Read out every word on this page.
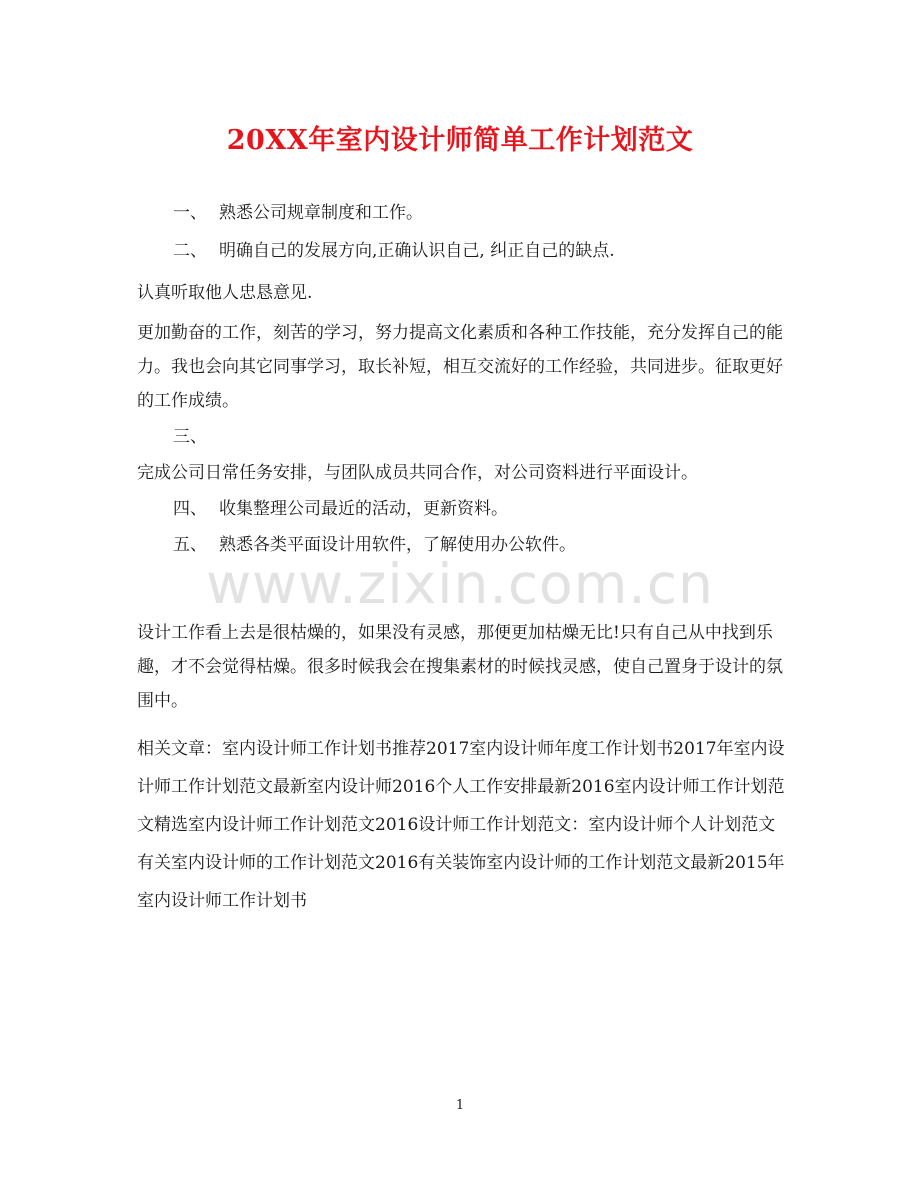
20XX年室内设计师简单工作计划范文

一、 熟悉公司规章制度和工作。

二、 明确自己的发展方向,正确认识自己, 纠正自己的缺点.

认真听取他人忠恳意见.

更加勤奋的工作，刻苦的学习，努力提高文化素质和各种工作技能，充分发挥自己的能力。我也会向其它同事学习，取长补短，相互交流好的工作经验，共同进步。征取更好的工作成绩。

三、

完成公司日常任务安排，与团队成员共同合作，对公司资料进行平面设计。

四、 收集整理公司最近的活动，更新资料。

五、 熟悉各类平面设计用软件，了解使用办公软件。

www.zixin.com.cn

设计工作看上去是很枯燥的，如果没有灵感，那便更加枯燥无比!只有自己从中找到乐趣，才不会觉得枯燥。很多时候我会在搜集素材的时候找灵感，使自己置身于设计的氛围中。

相关文章：室内设计师工作计划书推荐2017室内设计师年度工作计划书2017年室内设计师工作计划范文最新室内设计师2016个人工作安排最新2016室内设计师工作计划范文精选室内设计师工作计划范文2016设计师工作计划范文：室内设计师个人计划范文有关室内设计师的工作计划范文2016有关装饰室内设计师的工作计划范文最新2015年室内设计师工作计划书

1
